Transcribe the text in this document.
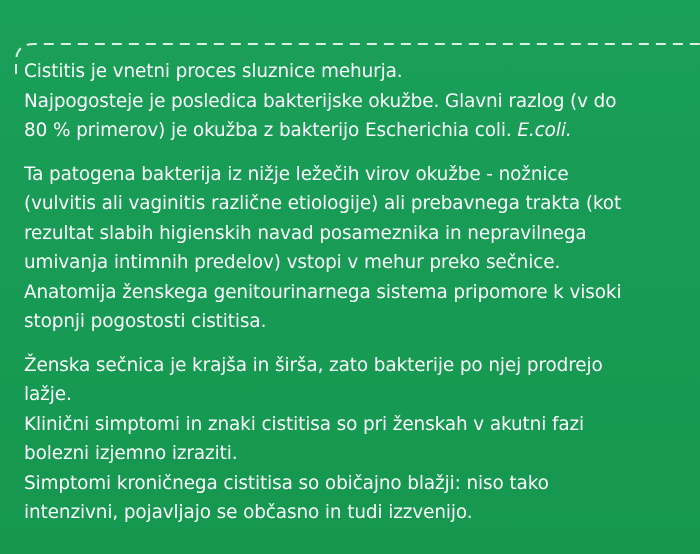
Cistitis je vnetni proces sluznice mehurja.
Najpogosteje je posledica bakterijske okužbe. Glavni razlog (v do
80 % primerov) je okužba z bakterijo Escherichia coli. E.coli.

Ta patogena bakterija iz nižje ležečih virov okužbe - nožnice
(vulvitis ali vaginitis različne etiologije) ali prebavnega trakta (kot
rezultat slabih higienskih navad posameznika in nepravilnega
umivanja intimnih predelov) vstopi v mehur preko sečnice.
Anatomija ženskega genitourinarnega sistema pripomore k visoki
stopnji pogostosti cistitisa.

Ženska sečnica je krajša in širša, zato bakterije po njej prodrejo
lažje.
Klinični simptomi in znaki cistitisa so pri ženskah v akutni fazi
bolezni izjemno izraziti.
Simptomi kroničnega cistitisa so običajno blažji: niso tako
intenzivni, pojavljajo se občasno in tudi izzvenijo.
